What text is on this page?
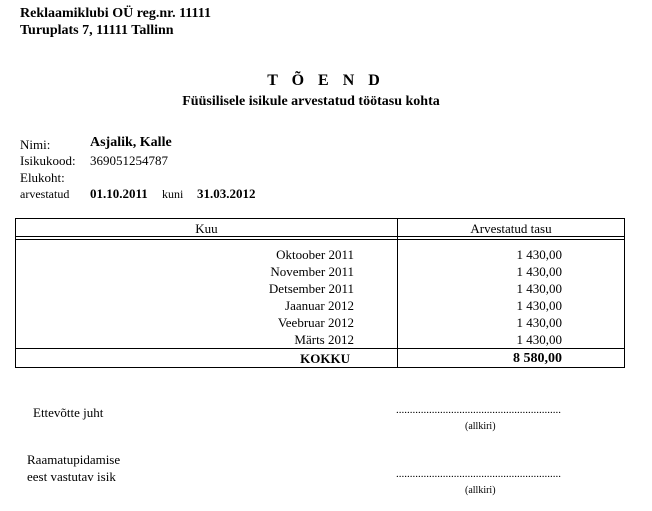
Reklaamiklubi OÜ reg.nr. 11111
Turuplats 7, 11111 Tallinn
T Õ E N D
Füüsilisele isikule arvestatud töötasu kohta
Nimi:	Asjalik, Kalle
Isikukood: 369051254787
Elukoht:
arvestatud 01.10.2011 kuni 31.03.2012
Kuu	Arvestatud tasu
Oktoober 2011	1 430,00
November 2011	1 430,00
Detsember 2011	1 430,00
Jaanuar 2012	1 430,00
Veebruar 2012	1 430,00
Märts 2012	1 430,00
KOKKU	8 580,00
Ettevõtte juht	............................................................
(allkiri)
Raamatupidamise
eest vastutav isik	............................................................
(allkiri)
